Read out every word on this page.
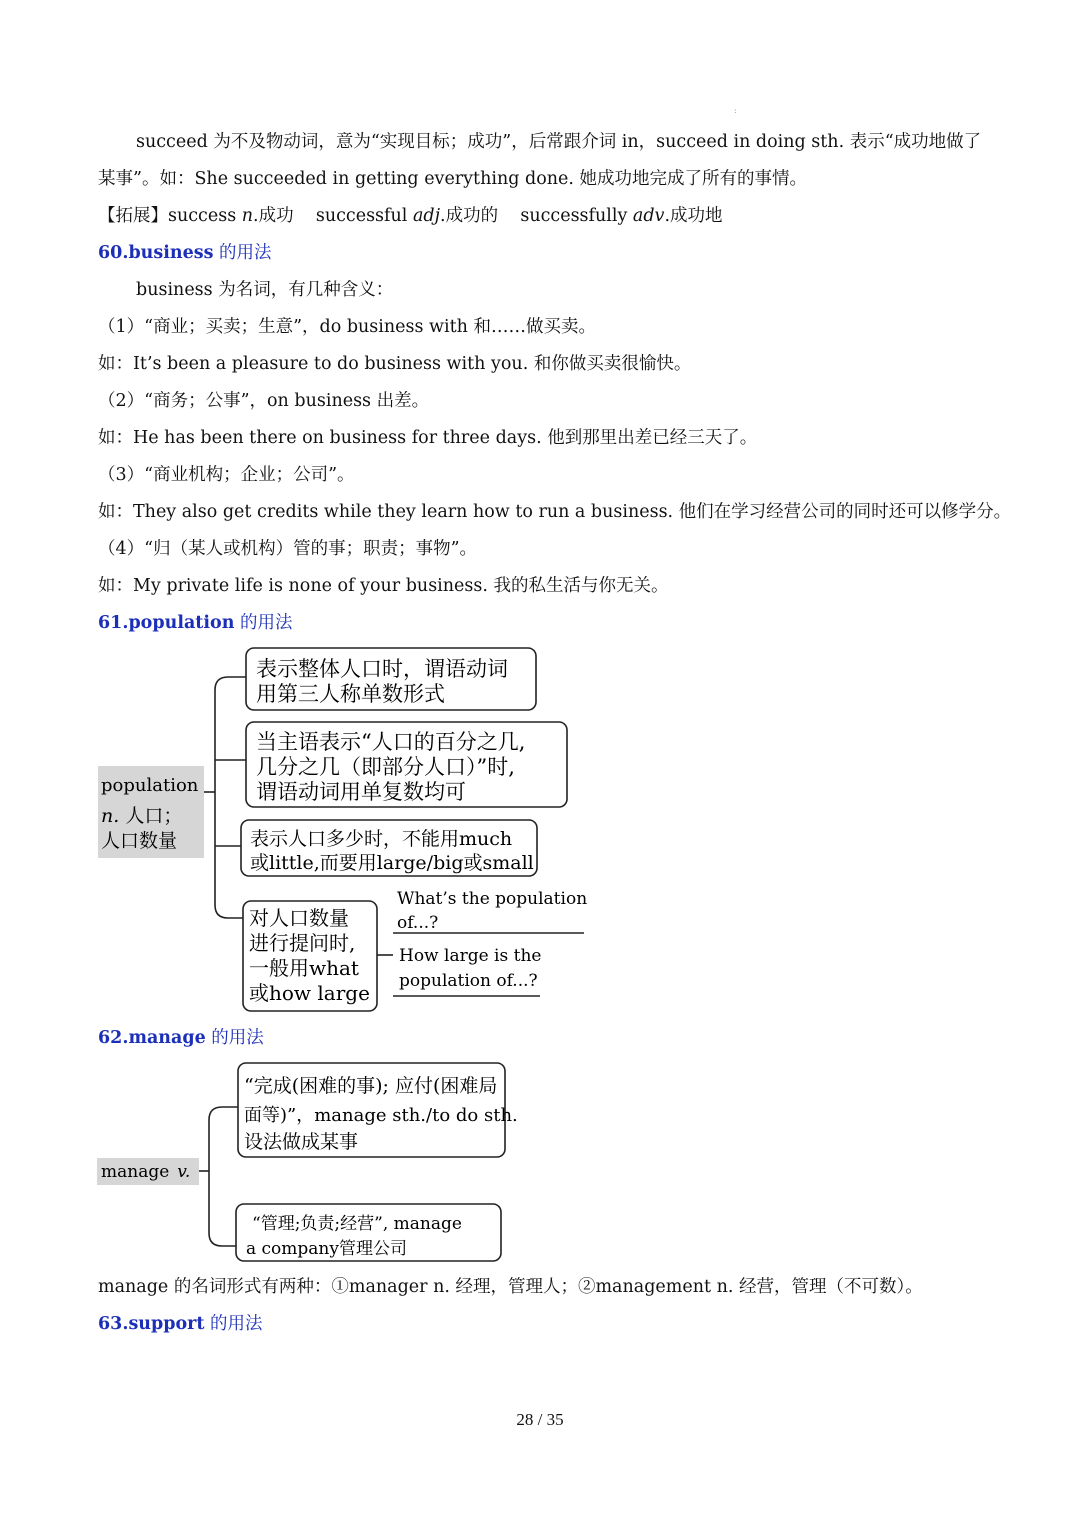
:
succeed 为不及物动词，意为“实现目标；成功”，后常跟介词 in，succeed in doing sth. 表示“成功地做了
某事”。如：She succeeded in getting everything done. 她成功地完成了所有的事情。
【拓展】success n.成功 successful adj.成功的 successfully adv.成功地
60.business 的用法
business 为名词，有几种含义：
（1）“商业；买卖；生意”，do business with 和……做买卖。
如：It’s been a pleasure to do business with you. 和你做买卖很愉快。
（2）“商务；公事”，on business 出差。
如：He has been there on business for three days. 他到那里出差已经三天了。
（3）“商业机构；企业；公司”。
如：They also get credits while they learn how to run a business. 他们在学习经营公司的同时还可以修学分。
（4）“归（某人或机构）管的事；职责；事物”。
如：My private life is none of your business. 我的私生活与你无关。
61.population 的用法
population
n. 人口；
人口数量
表示整体人口时，谓语动词
用第三人称单数形式
当主语表示“人口的百分之几,
几分之几（即部分人口）”时,
谓语动词用单复数均可
表示人口多少时，不能用much
或little,而要用large/big或small
对人口数量
进行提问时,
一般用what
或how large
What’s the population
of...?
How large is the
population of...?
62.manage 的用法
manage v.
“完成(困难的事); 应付(困难局
面等)”，manage sth./to do sth.
设法做成某事
“管理;负责;经营”, manage
a company管理公司
manage 的名词形式有两种：①manager n. 经理，管理人；②management n. 经营，管理（不可数）。
63.support 的用法
28 / 35
